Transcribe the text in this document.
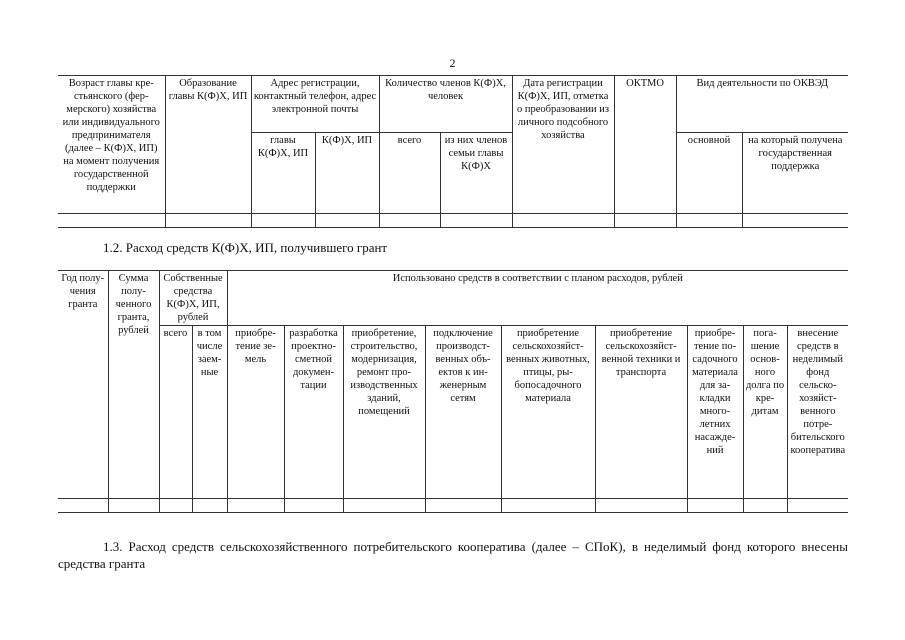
2
Возраст главы крестьянского (фермерского) хозяйства или индивидуального предпринимателя (далее – К(Ф)Х, ИП) на момент получения государственной поддержки	Образование главы К(Ф)Х, ИП	Адрес регистрации, контактный телефон, адрес электронной почты		Количество членов К(Ф)Х, человек		Дата регистрации К(Ф)Х, ИП, отметка о преобразовании из личного подсобного хозяйства	ОКТМО	Вид деятельности по ОКВЭД	
		главы К(Ф)Х, ИП	К(Ф)Х, ИП	всего	из них членов семьи главы К(Ф)Х			основной	на который получена государственная поддержка

1.2. Расход средств К(Ф)Х, ИП, получившего грант
Год получения гранта	Сумма полученного гранта, рублей	Собственные средства К(Ф)Х, ИП, рублей		Использовано средств в соответствии с планом расходов, рублей								
		всего	в том числе заемные	приобретение земель	разработка проектносметной документации	приобретение, строительство, модернизация, ремонт производственных зданий, помещений	подключение производственных объектов к инженерным сетям	приобретение сельскохозяйственных животных, птицы, рыбопосадочного материала	приобретение сельскохозяйственной техники и транспорта	приобретение посадочного материала для закладки многолетних насаждений	погашение основного долга по кредитам	внесение средств в неделимый фонд сельскохозяйственного потребительского кооператива

1.3. Расход средств сельскохозяйственного потребительского кооператива (далее – СПоК), в неделимый фонд которого внесены средства гранта
